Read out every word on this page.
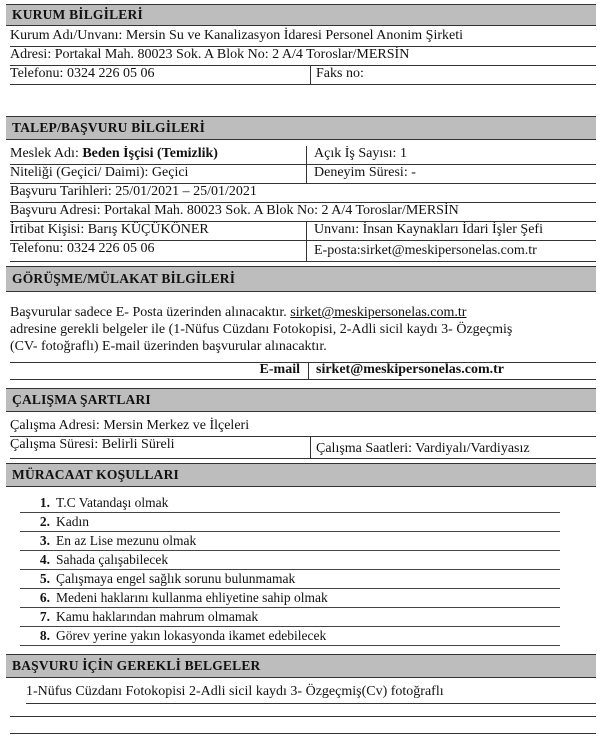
KURUM BİLGİLERİ
Kurum Adı/Unvanı: Mersin Su ve Kanalizasyon İdaresi Personel Anonim Şirketi
Adresi: Portakal Mah. 80023 Sok. A Blok No: 2 A/4 Toroslar/MERSİN
Telefonu: 0324 226 05 06	Faks no:
TALEP/BAŞVURU BİLGİLERİ
Meslek Adı: Beden İşçisi (Temizlik)	Açık İş Sayısı: 1
Niteliği (Geçici/ Daimi): Geçici	Deneyim Süresi: -
Başvuru Tarihleri: 25/01/2021 – 25/01/2021
Başvuru Adresi: Portakal Mah. 80023 Sok. A Blok No: 2 A/4 Toroslar/MERSİN
İrtibat Kişisi: Barış KÜÇÜKÖNER	Unvanı: İnsan Kaynakları İdari İşler Şefi
Telefonu: 0324 226 05 06	E-posta:sirket@meskipersonelas.com.tr
GÖRÜŞME/MÜLAKAT BİLGİLERİ
Başvurular sadece E- Posta üzerinden alınacaktır. sirket@meskipersonelas.com.tr
adresine gerekli belgeler ile (1-Nüfus Cüzdanı Fotokopisi, 2-Adli sicil kaydı 3- Özgeçmiş
(CV- fotoğraflı) E-mail üzerinden başvurular alınacaktır.
E-mail sirket@meskipersonelas.com.tr
ÇALIŞMA ŞARTLARI
Çalışma Adresi: Mersin Merkez ve İlçeleri
Çalışma Süresi: Belirli Süreli	Çalışma Saatleri: Vardiyalı/Vardiyasız
MÜRACAAT KOŞULLARI
1. T.C Vatandaşı olmak
2. Kadın
3. En az Lise mezunu olmak
4. Sahada çalışabilecek
5. Çalışmaya engel sağlık sorunu bulunmamak
6. Medeni haklarını kullanma ehliyetine sahip olmak
7. Kamu haklarından mahrum olmamak
8. Görev yerine yakın lokasyonda ikamet edebilecek
BAŞVURU İÇİN GEREKLİ BELGELER
1-Nüfus Cüzdanı Fotokopisi 2-Adli sicil kaydı 3- Özgeçmiş(Cv) fotoğraflı
